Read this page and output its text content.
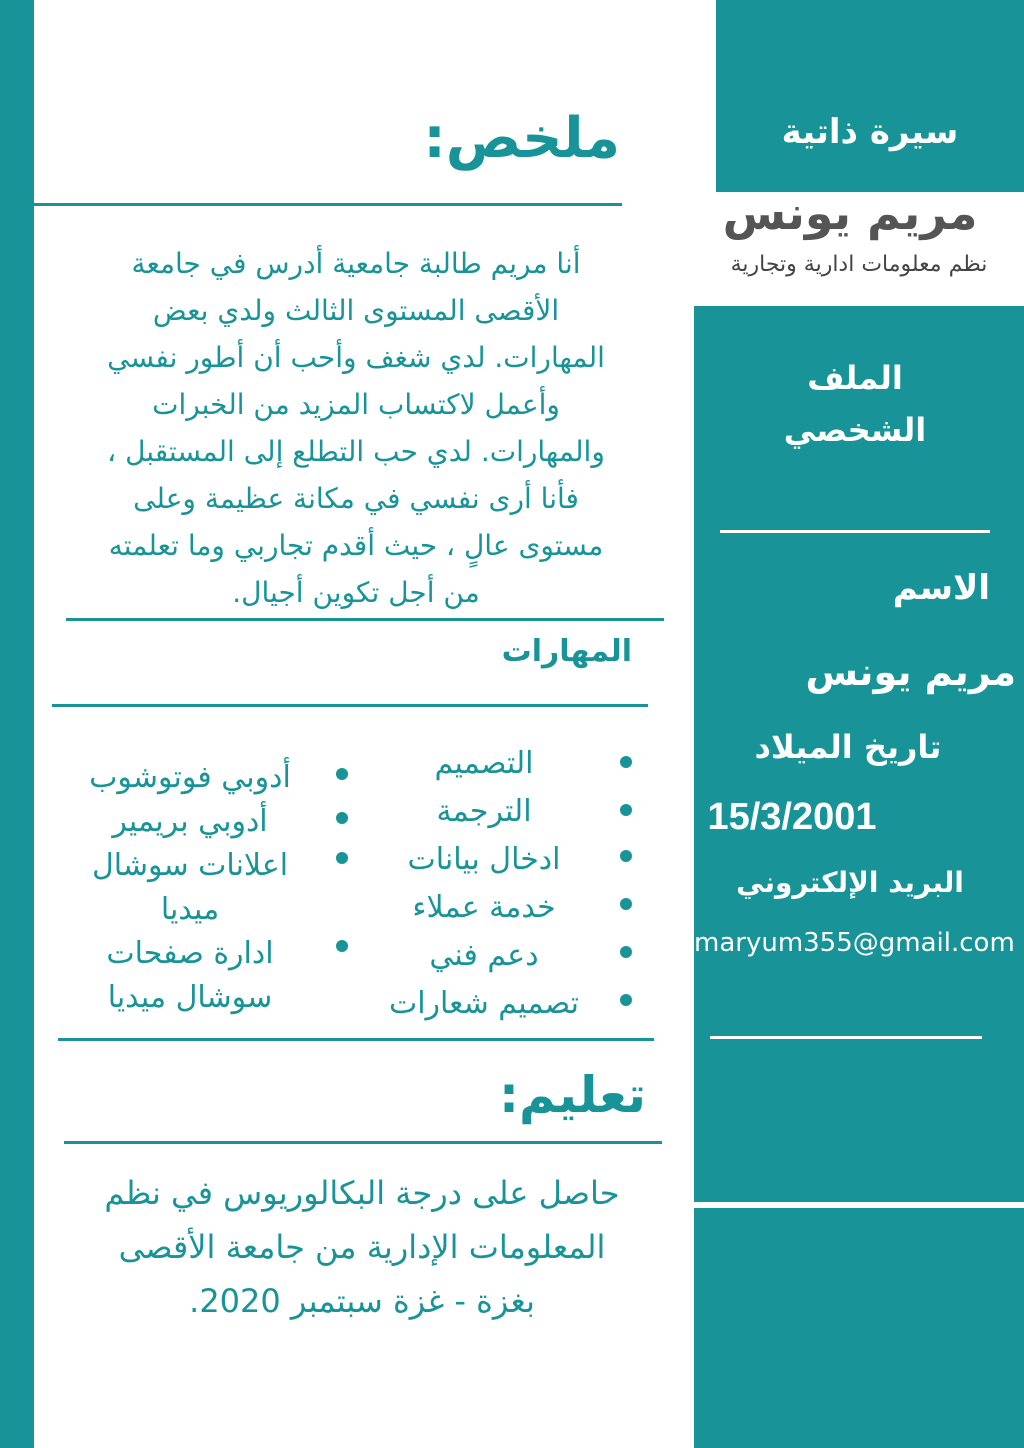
سيرة ذاتية
مريم يونس
نظم معلومات ادارية وتجارية
الملف
الشخصي
الاسم
مريم يونس
تاريخ الميلاد
15/3/2001
البريد الإلكتروني
maryum355@gmail.com
ملخص:
أنا مريم طالبة جامعية أدرس في جامعة
الأقصى المستوى الثالث ولدي بعض
المهارات. لدي شغف وأحب أن أطور نفسي
وأعمل لاكتساب المزيد من الخبرات
والمهارات. لدي حب التطلع إلى المستقبل ،
فأنا أرى نفسي في مكانة عظيمة وعلى
مستوى عالٍ ، حيث أقدم تجاربي وما تعلمته
من أجل تكوين أجيال.
المهارات
التصميم
الترجمة
ادخال بيانات
خدمة عملاء
دعم فني
تصميم شعارات
أدوبي فوتوشوب
أدوبي بريمير
اعلانات سوشال
ميديا
ادارة صفحات
سوشال ميديا
تعليم:
حاصل على درجة البكالوريوس في نظم
المعلومات الإدارية من جامعة الأقصى
بغزة - غزة سبتمبر 2020.
